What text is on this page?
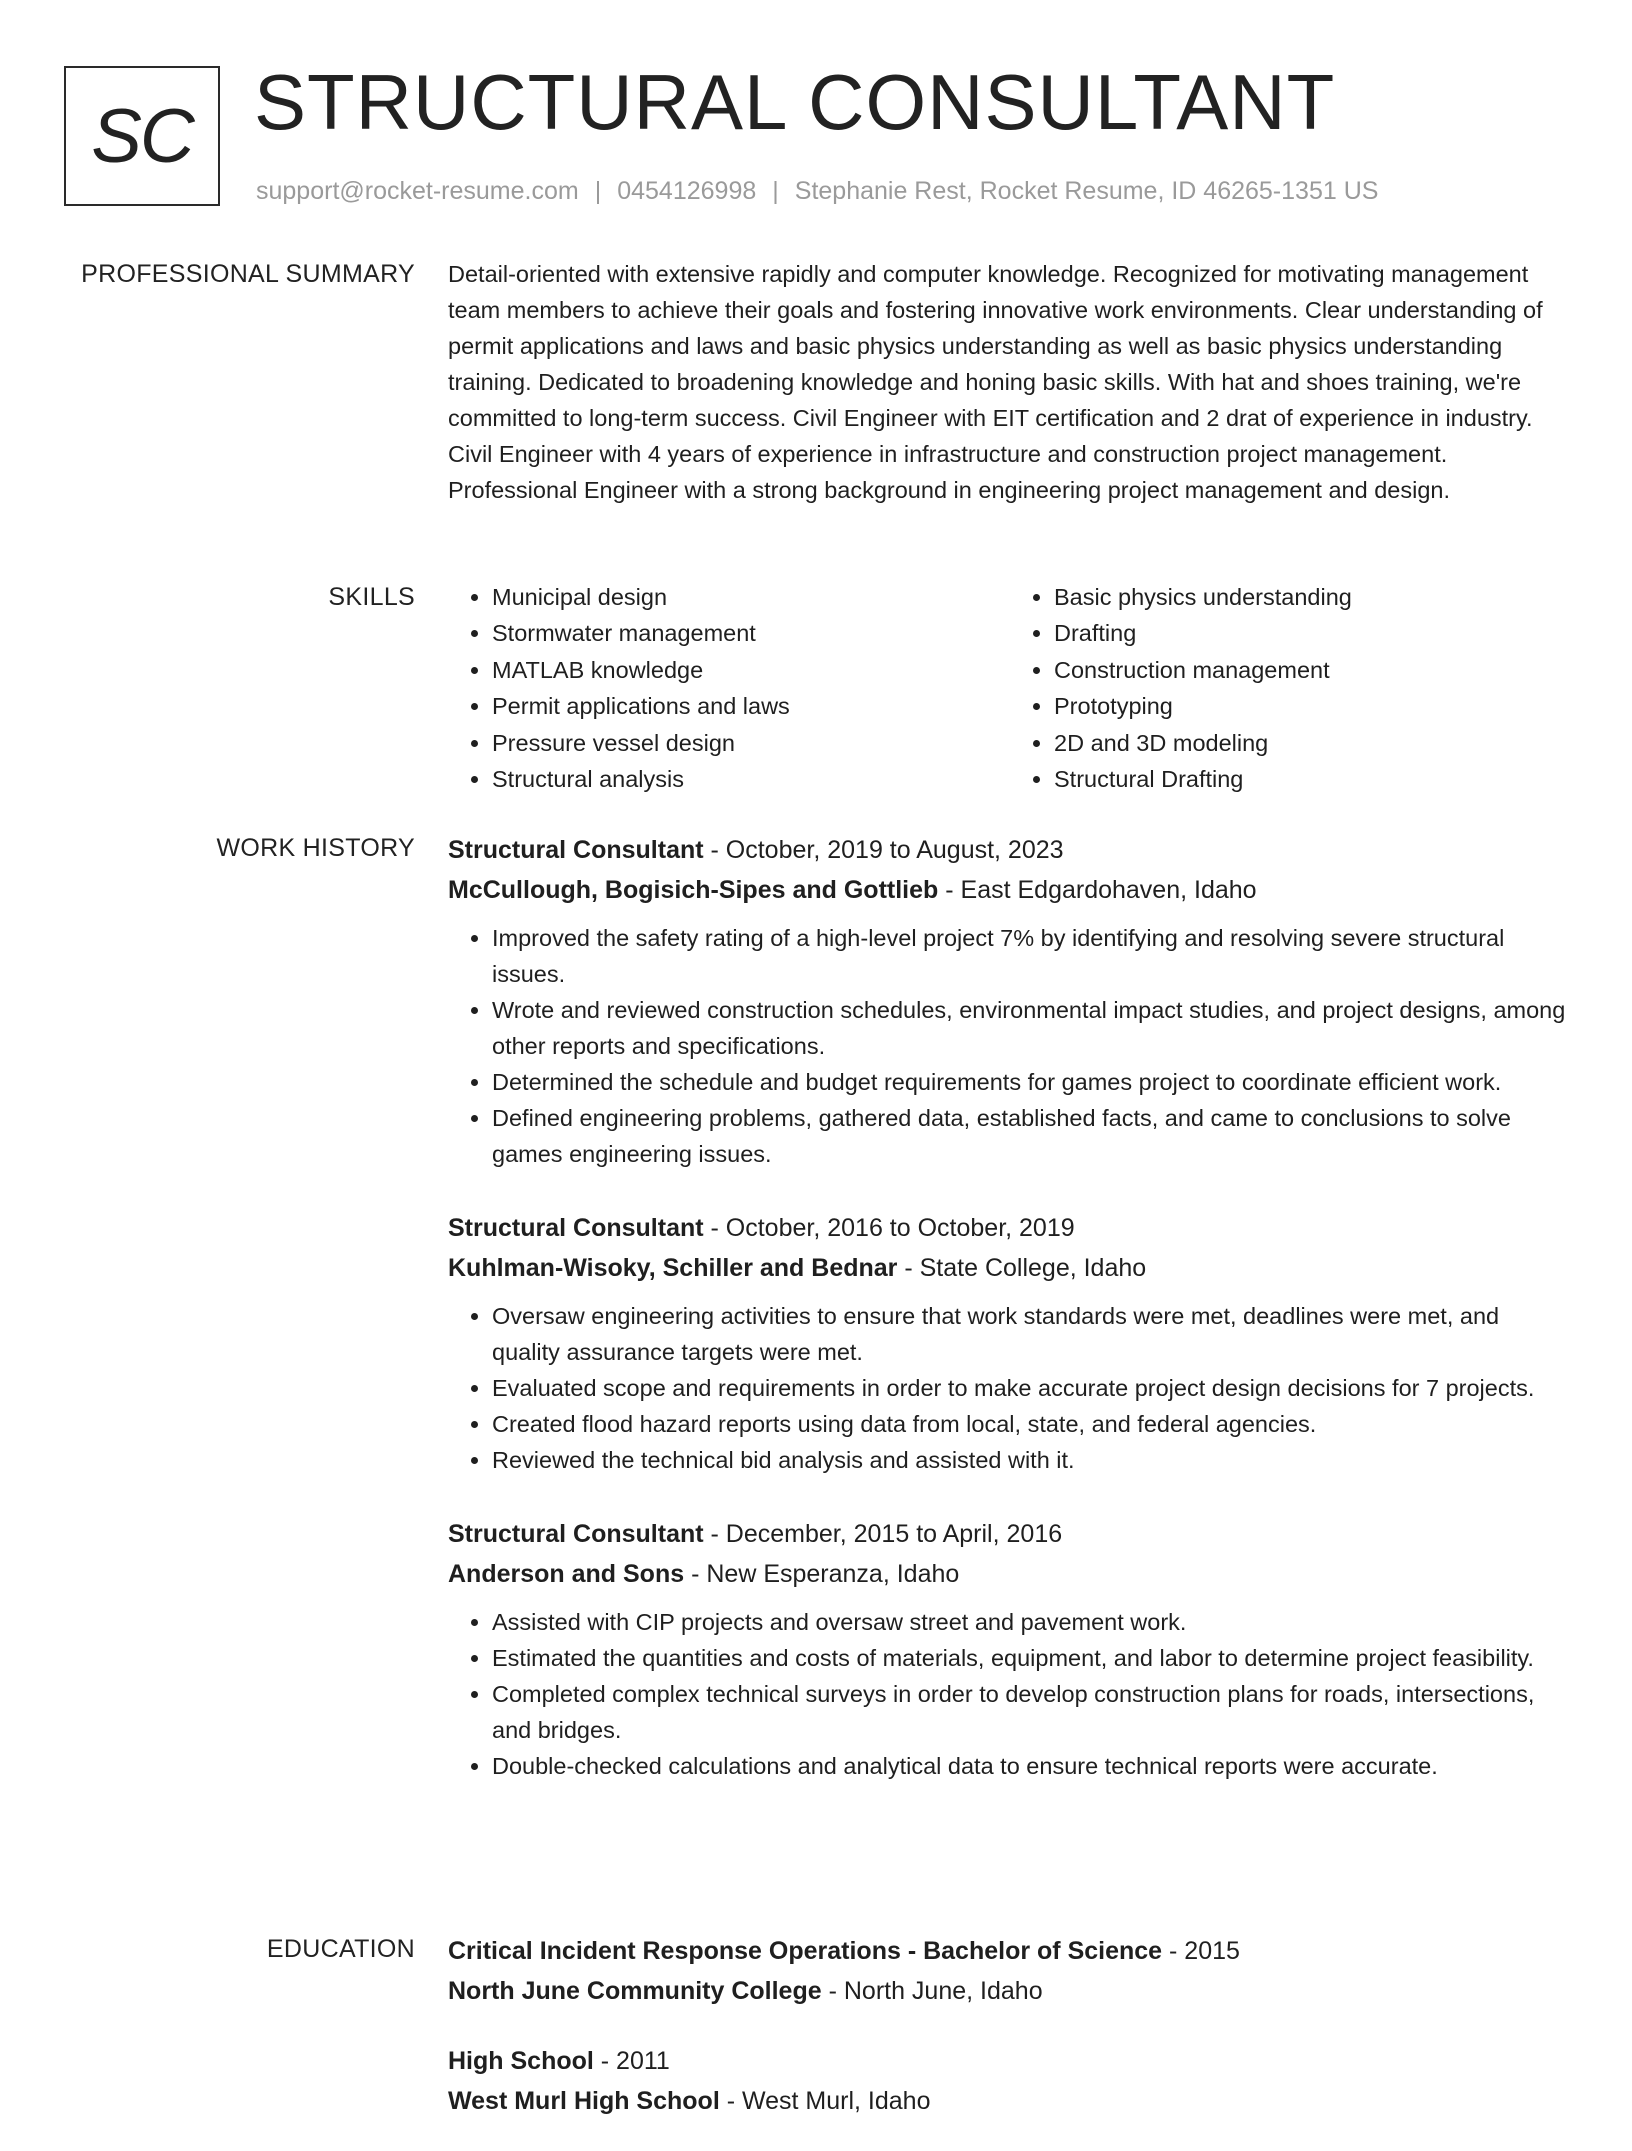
SC STRUCTURAL CONSULTANT
support@rocket-resume.com | 0454126998 | Stephanie Rest, Rocket Resume, ID 46265-1351 US
PROFESSIONAL SUMMARY Detail-oriented with extensive rapidly and computer knowledge. Recognized for motivating management team members to achieve their goals and fostering innovative work environments. Clear understanding of permit applications and laws and basic physics understanding as well as basic physics understanding training. Dedicated to broadening knowledge and honing basic skills. With hat and shoes training, we're committed to long-term success. Civil Engineer with EIT certification and 2 drat of experience in industry. Civil Engineer with 4 years of experience in infrastructure and construction project management. Professional Engineer with a strong background in engineering project management and design.

SKILLS
•	Municipal design
• Stormwater management
• MATLAB knowledge
• Permit applications and laws
• Pressure vessel design
• Structural analysis
• Basic physics understanding
• Drafting
• Construction management
• Prototyping
• 2D and 3D modeling
• Structural Drafting
WORK HISTORY Structural Consultant - October, 2019 to August, 2023
McCullough, Bogisich-Sipes and Gottlieb - East Edgardohaven, Idaho
• Improved the safety rating of a high-level project 7% by identifying and resolving severe structural issues.
• Wrote and reviewed construction schedules, environmental impact studies, and project designs, among other reports and specifications.
• Determined the schedule and budget requirements for games project to coordinate efficient work.
• Defined engineering problems, gathered data, established facts, and came to conclusions to solve games engineering issues.
Structural Consultant - October, 2016 to October, 2019
Kuhlman-Wisoky, Schiller and Bednar - State College, Idaho
• Oversaw engineering activities to ensure that work standards were met, deadlines were met, and quality assurance targets were met.
• Evaluated scope and requirements in order to make accurate project design decisions for 7 projects.
• Created flood hazard reports using data from local, state, and federal agencies.
• Reviewed the technical bid analysis and assisted with it.
Structural Consultant - December, 2015 to April, 2016
Anderson and Sons - New Esperanza, Idaho
• Assisted with CIP projects and oversaw street and pavement work.
• Estimated the quantities and costs of materials, equipment, and labor to determine project feasibility.
• Completed complex technical surveys in order to develop construction plans for roads, intersections, and bridges.
• Double-checked calculations and analytical data to ensure technical reports were accurate.
EDUCATION Critical Incident Response Operations - Bachelor of Science - 2015
North June Community College - North June, Idaho
High School - 2011
West Murl High School - West Murl, Idaho
